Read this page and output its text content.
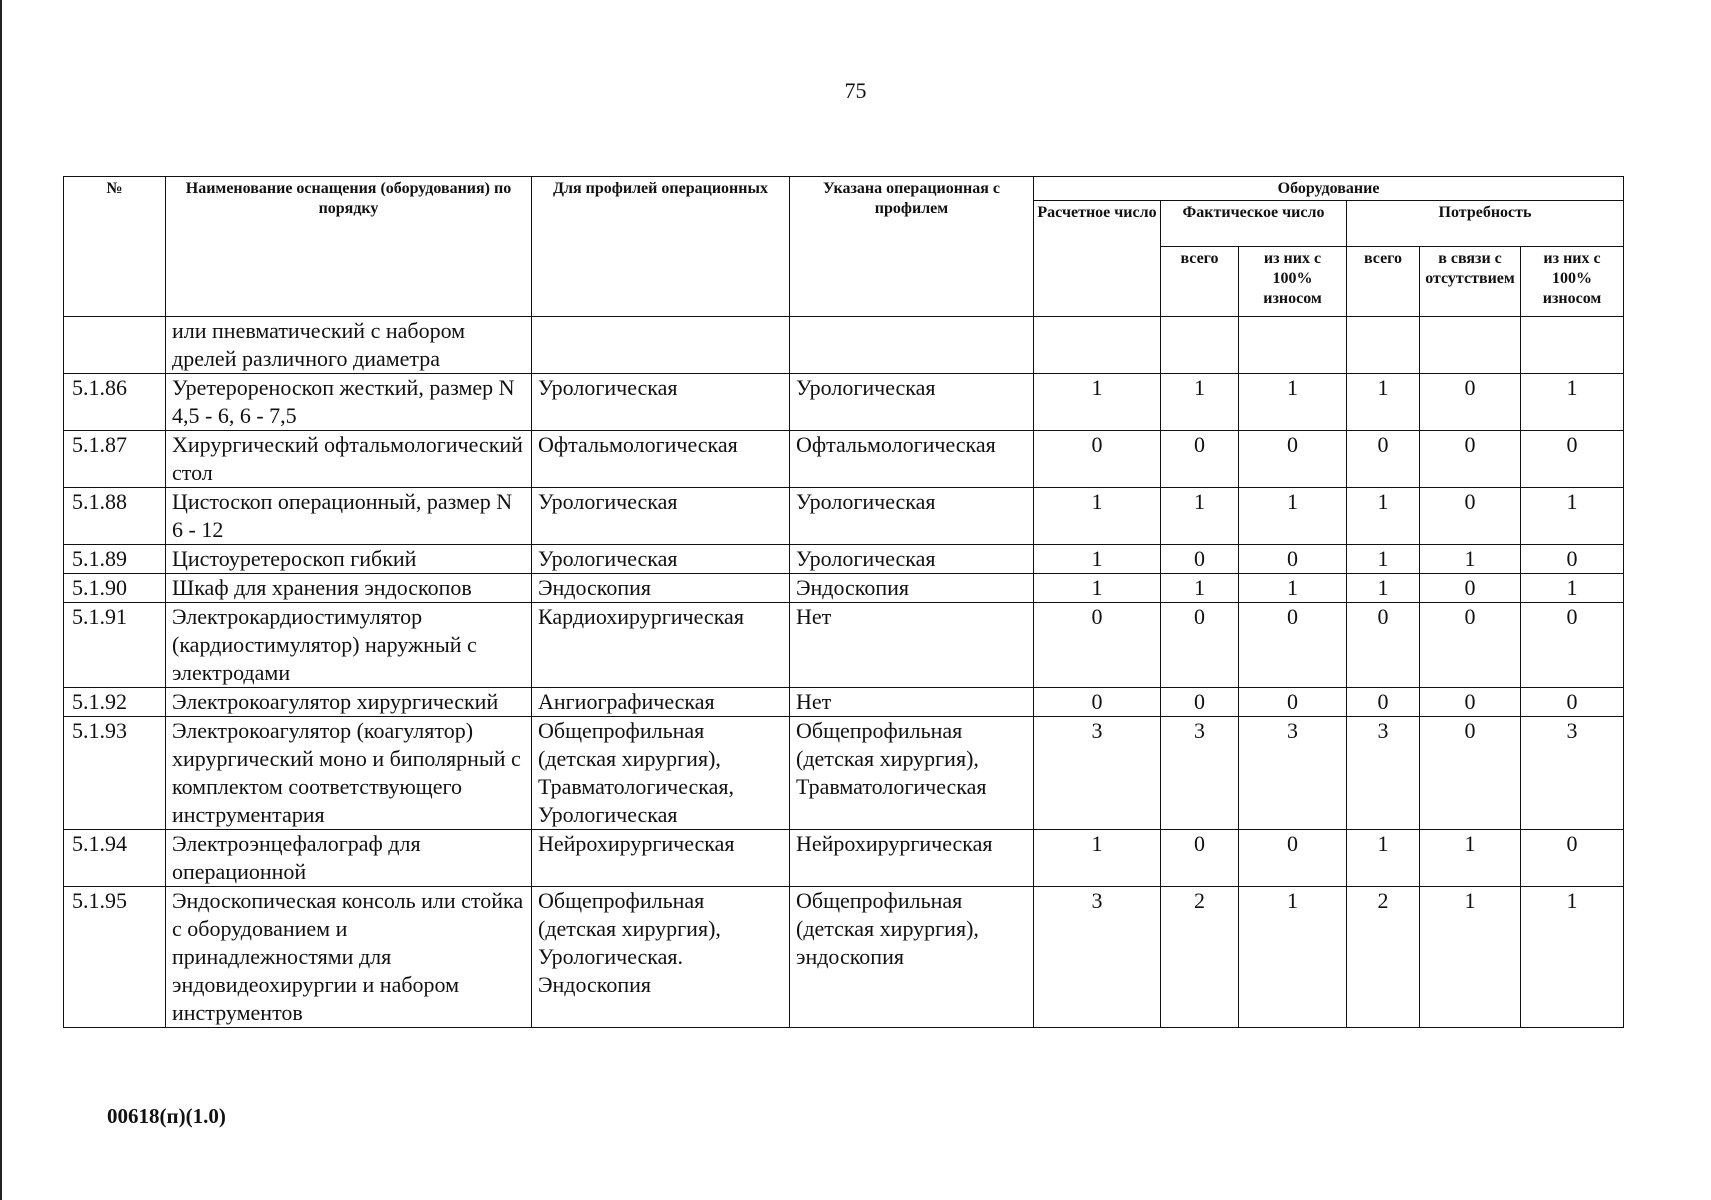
75
№	Наименование оснащения (оборудования) по порядку	Для профилей операционных	Указана операционная с профилем	Оборудование					
				Расчетное число	Фактическое число		Потребность		
					всего	из них с 100% износом	всего	в связи с отсутствием	из них с 100% износом
	или пневматический с набором дрелей различного диаметра								
5.1.86	Уретерореноскоп жесткий, размер N 4,5 - 6, 6 - 7,5	Урологическая	Урологическая	1	1	1	1	0	1
5.1.87	Хирургический офтальмологический стол	Офтальмологическая	Офтальмологическая	0	0	0	0	0	0
5.1.88	Цистоскоп операционный, размер N 6 - 12	Урологическая	Урологическая	1	1	1	1	0	1
5.1.89	Цистоуретероскоп гибкий	Урологическая	Урологическая	1	0	0	1	1	0
5.1.90	Шкаф для хранения эндоскопов	Эндоскопия	Эндоскопия	1	1	1	1	0	1
5.1.91	Электрокардиостимулятор (кардиостимулятор) наружный с электродами	Кардиохирургическая	Нет	0	0	0	0	0	0
5.1.92	Электрокоагулятор хирургический	Ангиографическая	Нет	0	0	0	0	0	0
5.1.93	Электрокоагулятор (коагулятор) хирургический моно и биполярный с комплектом соответствующего инструментария	Общепрофильная (детская хирургия), Травматологическая, Урологическая	Общепрофильная (детская хирургия), Травматологическая	3	3	3	3	0	3
5.1.94	Электроэнцефалограф для операционной	Нейрохирургическая	Нейрохирургическая	1	0	0	1	1	0
5.1.95	Эндоскопическая консоль или стойка с оборудованием и принадлежностями для эндовидеохирургии и набором инструментов	Общепрофильная (детская хирургия), Урологическая. Эндоскопия	Общепрофильная (детская хирургия), эндоскопия	3	2	1	2	1	1
00618(п)(1.0)
